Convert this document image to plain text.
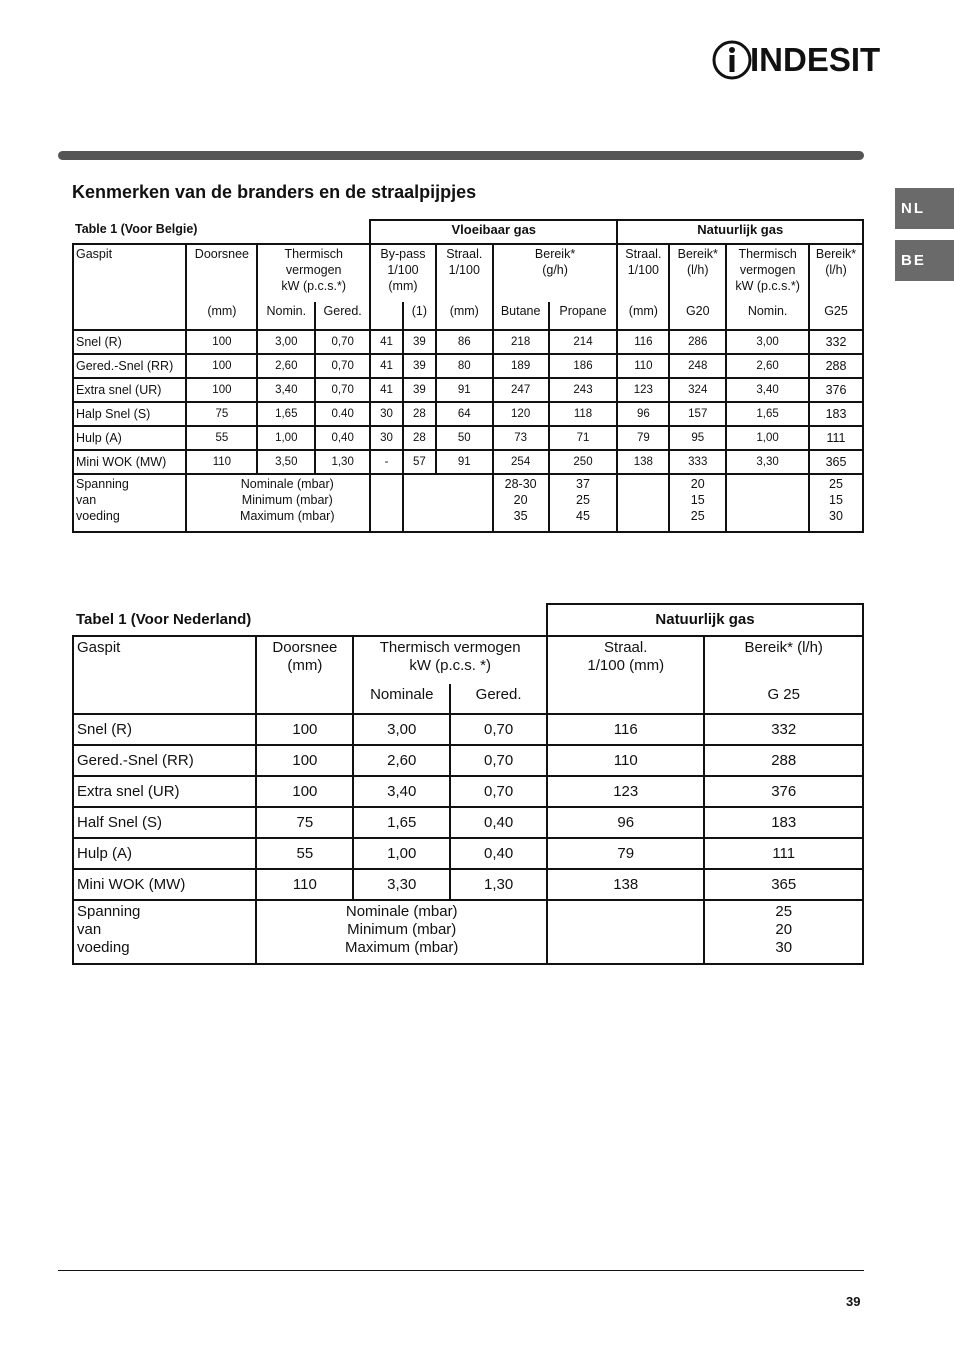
INDESIT
NL
BE
Kenmerken van de branders en de straalpijpjes
Table 1 (Voor Belgie)				Vloeibaar gas					Natuurlijk gas			
Gaspit	Doorsnee	Thermisch
vermogen
kW (p.c.s.*)		By-pass
1/100
(mm)		Straal.
1/100	Bereik*
(g/h)		Straal.
1/100	Bereik*
(l/h)	Thermisch
vermogen
kW (p.c.s.*)	Bereik*
(l/h)
	(mm)	Nomin.	Gered.		(1)	(mm)	Butane	Propane	(mm)	G20	Nomin.	G25
Snel (R)	100	3,00	0,70	41	39	86	218	214	116	286	3,00	332
Gered.-Snel (RR)	100	2,60	0,70	41	39	80	189	186	110	248	2,60	288
Extra snel (UR)	100	3,40	0,70	41	39	91	247	243	123	324	3,40	376
Halp Snel (S)	75	1,65	0.40	30	28	64	120	118	96	157	1,65	183
Hulp (A)	55	1,00	0,40	30	28	50	73	71	79	95	1,00	111
Mini WOK (MW)	110	3,50	1,30	-	57	91	254	250	138	333	3,30	365
Spanning
van
voeding	Nominale (mbar)
Minimum (mbar)
Maximum (mbar)						28-30
20
35	37
25
45		20
15
25		25
15
30
Tabel 1 (Voor Nederland)				Natuurlijk gas	
Gaspit	Doorsnee
(mm)	Thermisch vermogen
kW (p.c.s. *)		Straal.
1/100 (mm)	Bereik* (l/h)
		Nominale	Gered.		G 25
Snel (R)	100	3,00	0,70	116	332
Gered.-Snel (RR)	100	2,60	0,70	110	288
Extra snel (UR)	100	3,40	0,70	123	376
Half Snel (S)	75	1,65	0,40	96	183
Hulp (A)	55	1,00	0,40	79	111
Mini WOK (MW)	110	3,30	1,30	138	365
Spanning
van
voeding	Nominale (mbar)
Minimum (mbar)
Maximum (mbar)				25
20
30
39
